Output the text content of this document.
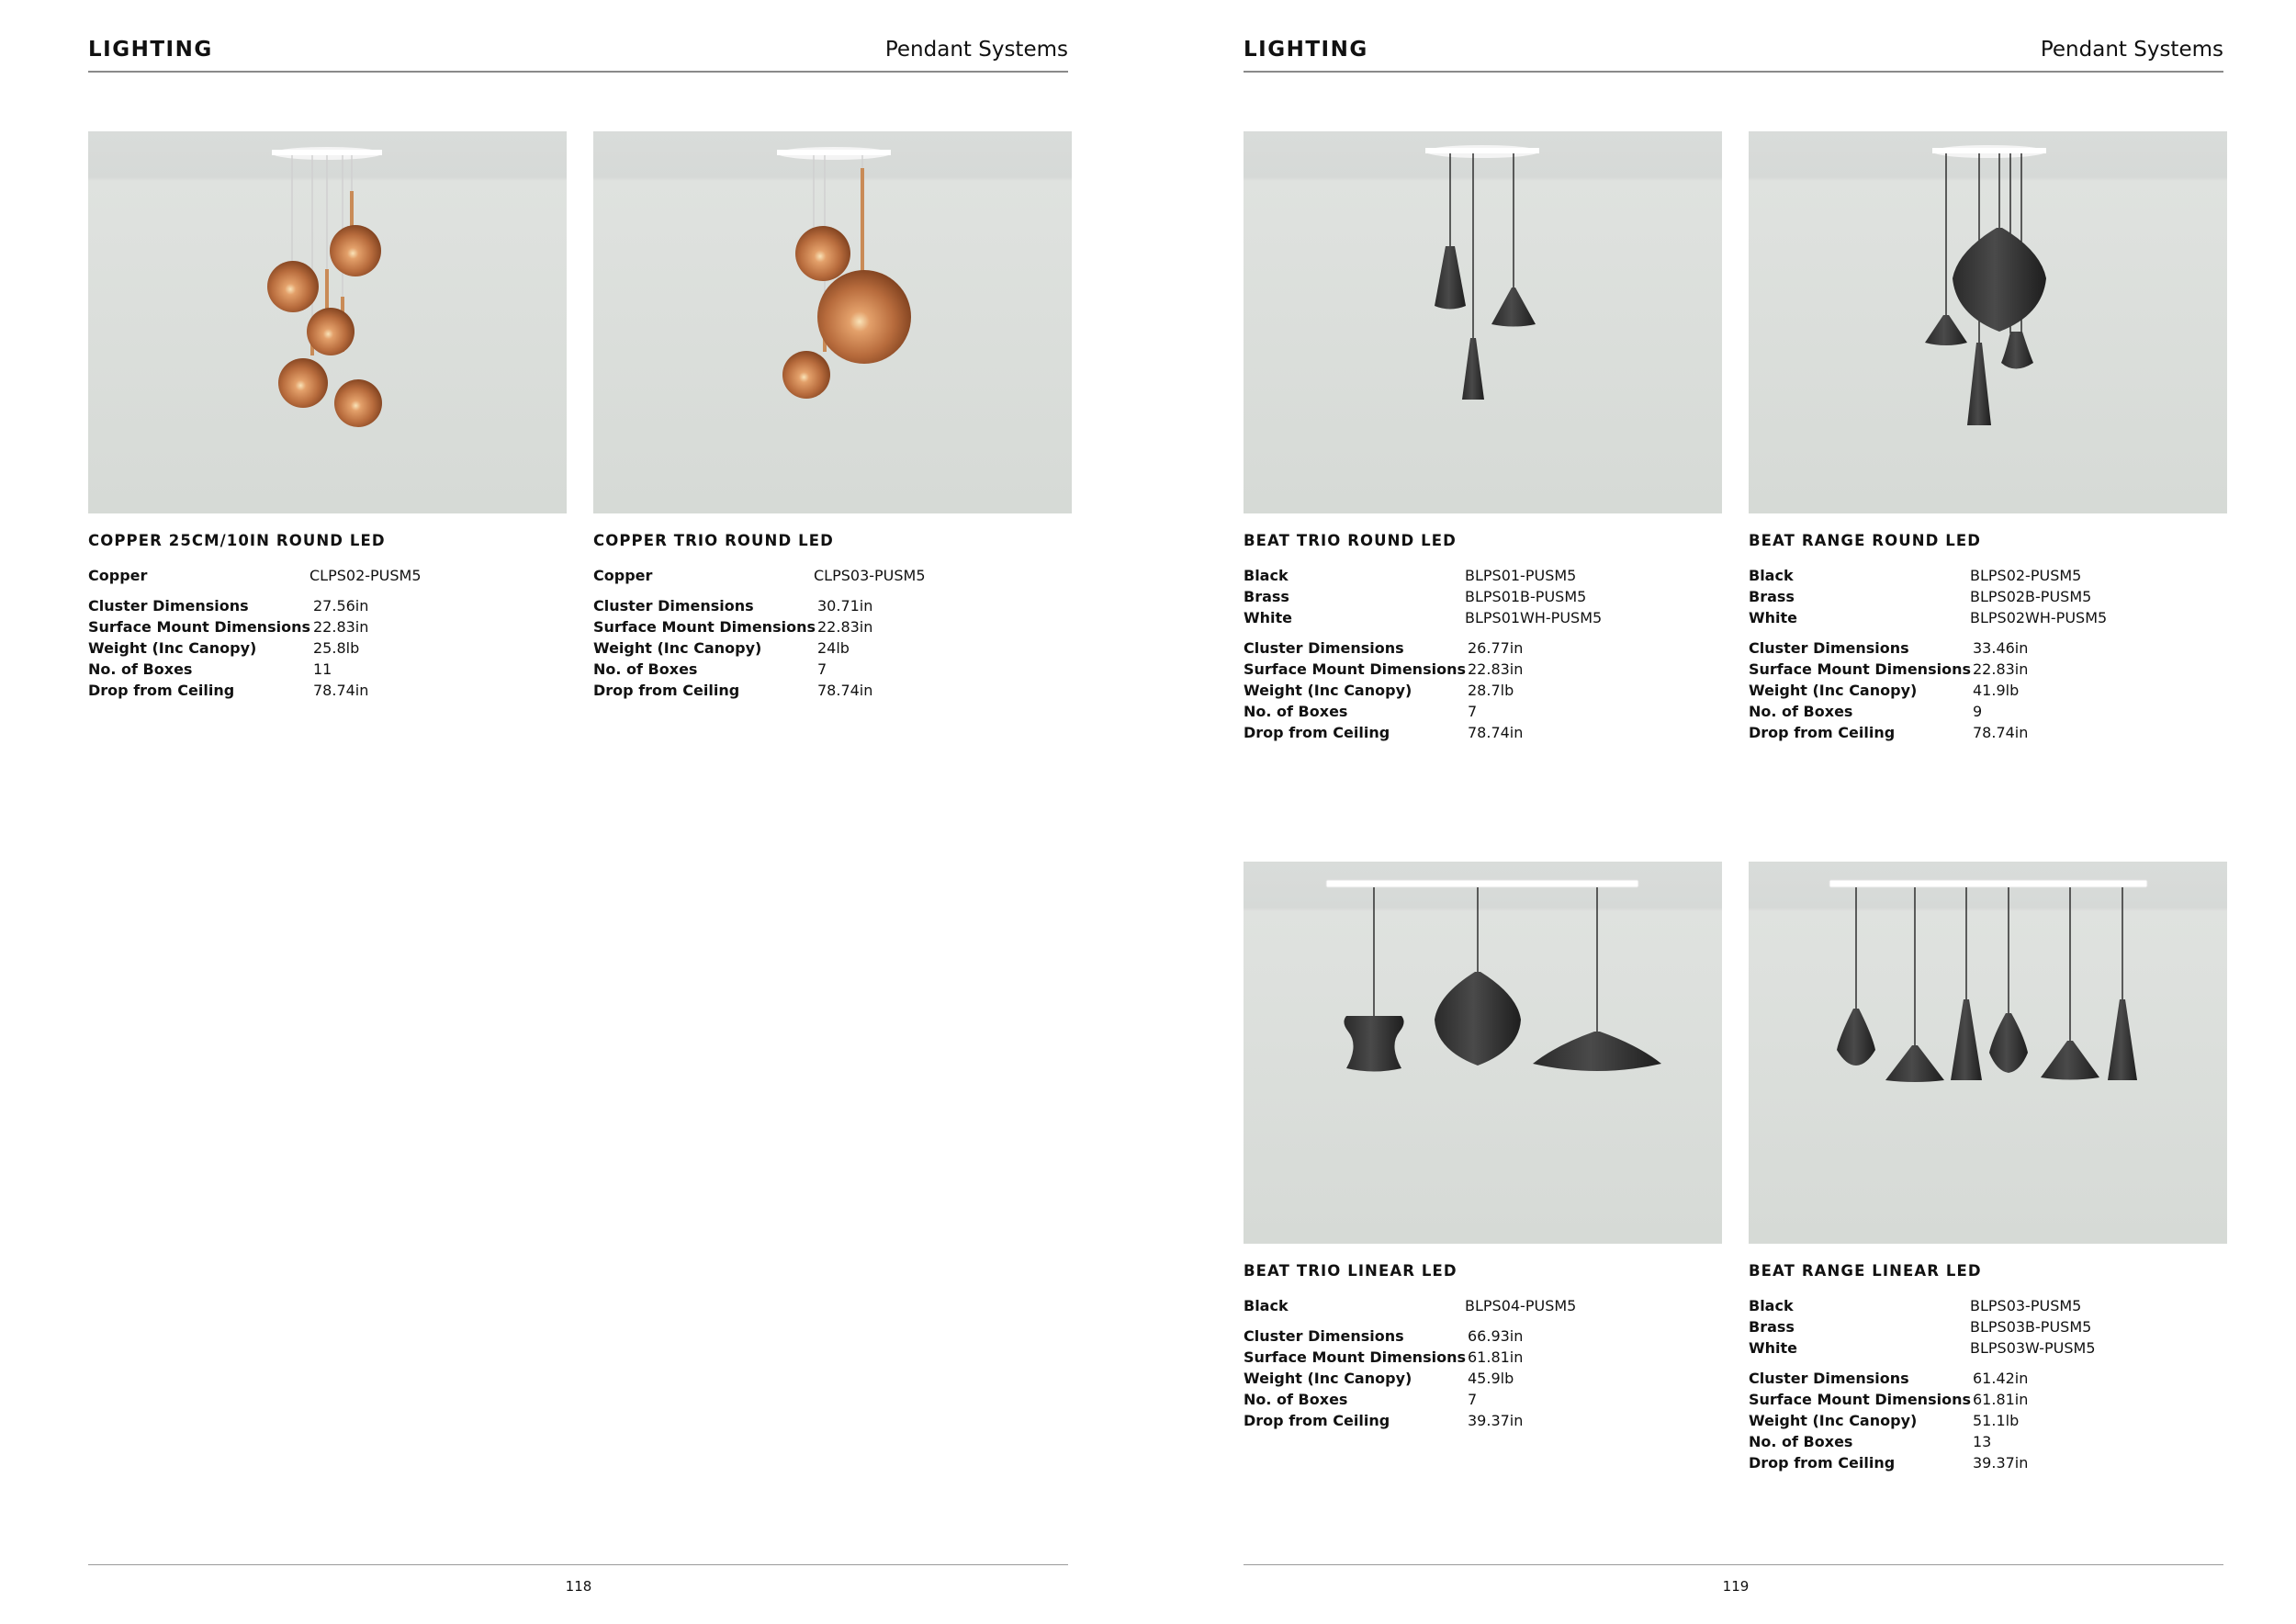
LIGHTING	Pendant Systems
COPPER 25CM/10IN ROUND LED
Copper	CLPS02-PUSM5
Cluster Dimensions	27.56in
Surface Mount Dimensions 22.83in
Weight (Inc Canopy)	25.8lb
No. of Boxes	11
Drop from Ceiling	78.74in
COPPER TRIO ROUND LED
Copper	CLPS03-PUSM5
Cluster Dimensions	30.71in
Surface Mount Dimensions 22.83in
Weight (Inc Canopy)	24lb
No. of Boxes	7
Drop from Ceiling	78.74in
118
LIGHTING	Pendant Systems
BEAT TRIO ROUND LED
Black	BLPS01-PUSM5
Brass	BLPS01B-PUSM5
White	BLPS01WH-PUSM5
Cluster Dimensions	26.77in
Surface Mount Dimensions 22.83in
Weight (Inc Canopy)	28.7lb
No. of Boxes	7
Drop from Ceiling	78.74in
BEAT RANGE ROUND LED
Black	BLPS02-PUSM5
Brass	BLPS02B-PUSM5
White	BLPS02WH-PUSM5
Cluster Dimensions	33.46in
Surface Mount Dimensions 22.83in
Weight (Inc Canopy)	41.9lb
No. of Boxes	9
Drop from Ceiling	78.74in
BEAT TRIO LINEAR LED
Black	BLPS04-PUSM5
Cluster Dimensions	66.93in
Surface Mount Dimensions 61.81in
Weight (Inc Canopy)	45.9lb
No. of Boxes	7
Drop from Ceiling	39.37in
BEAT RANGE LINEAR LED
Black	BLPS03-PUSM5
Brass	BLPS03B-PUSM5
White	BLPS03W-PUSM5
Cluster Dimensions	61.42in
Surface Mount Dimensions 61.81in
Weight (Inc Canopy)	51.1lb
No. of Boxes	13
Drop from Ceiling	39.37in
119
